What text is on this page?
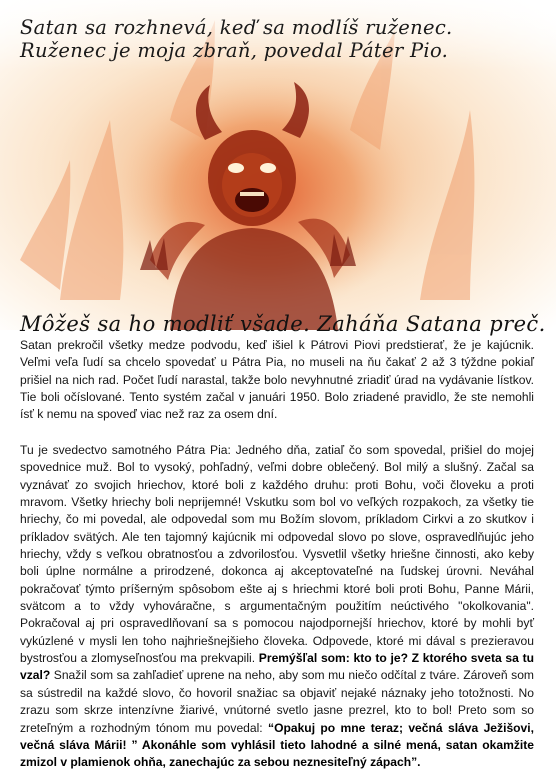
Satan sa rozhnevá, keď sa modlíš ruženec.
Ruženec je moja zbraň, povedal Páter Pio.
Môžeš sa ho modliť všade. Zaháňa Satana preč.

Satan prekročil všetky medze podvodu, keď išiel k Pátrovi Piovi predstierať, že je kajúcnik. Veľmi veľa ľudí sa chcelo spovedať u Pátra Pia, no museli na ňu čakať 2 až 3 týždne pokiaľ prišiel na nich rad. Počet ľudí narastal, takže bolo nevyhnutné zriadiť úrad na vydávanie lístkov. Tie boli očíslované. Tento systém začal v januári 1950. Bolo zriadené pravidlo, že ste nemohli ísť k nemu na spoveď viac než raz za osem dní.

Tu je svedectvo samotného Pátra Pia: Jedného dňa, zatiaľ čo som spovedal, prišiel do mojej spovednice muž. Bol to vysoký, pohľadný, veľmi dobre oblečený. Bol milý a slušný. Začal sa vyznávať zo svojich hriechov, ktoré boli z každého druhu: proti Bohu, voči človeku a proti mravom. Všetky hriechy boli neprijemné! Vskutku som bol vo veľkých rozpakoch, za všetky tie hriechy, čo mi povedal, ale odpovedal som mu Božím slovom, príkladom Cirkvi a zo skutkov i príkladov svätých. Ale ten tajomný kajúcnik mi odpovedal slovo po slove, ospravedlňujúc jeho hriechy, vždy s veľkou obratnosťou a zdvorilosťou. Vysvetlil všetky hriešne činnosti, ako keby boli úplne normálne a prirodzené, dokonca aj akceptovateľné na ľudskej úrovni. Neváhal pokračovať týmto príšerným spôsobom ešte aj s hriechmi ktoré boli proti Bohu, Panne Márii, svätcom a to vždy vyhováračne, s argumentačným použitím neúctivého "okolkovania". Pokračoval aj pri ospravedlňovaní sa s pomocou najodpornejší hriechov, ktoré by mohli byť vykúzlené v mysli len toho najhriešnejšieho človeka. Odpovede, ktoré mi dával s prezieravou bystrosťou a zlomyseľnosťou ma prekvapili. Premýšľal som: kto to je? Z ktorého sveta sa tu vzal? Snažil som sa zahľadieť uprene na neho, aby som mu niečo odčítal z tváre. Zároveň som sa sústredil na každé slovo, čo hovoril snažiac sa objaviť nejaké náznaky jeho totožnosti. No zrazu som skrze intenzívne žiarivé, vnútorné svetlo jasne prezrel, kto to bol! Preto som so zreteľným a rozhodným tónom mu povedal: “Opakuj po mne teraz; večná sláva Ježišovi, večná sláva Márii! ” Akonáhle som vyhlásil tieto lahodné a silné mená, satan okamžite zmizol v plamienok ohňa, zanechajúc za sebou neznesiteľný zápach”.
